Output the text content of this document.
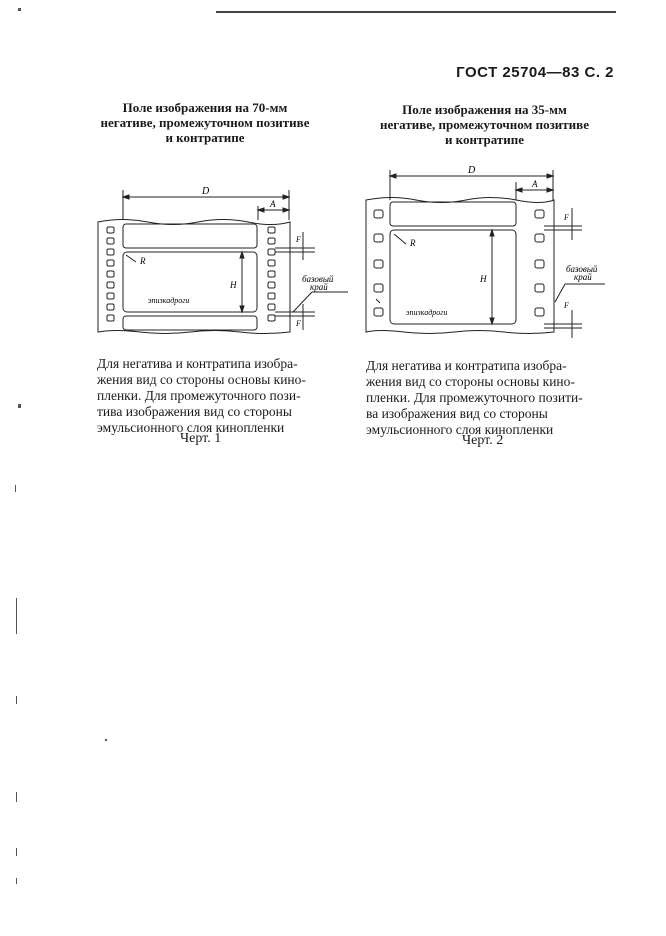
ГОСТ 25704—83 С. 2
Поле изображения на 70-мм
негативе, промежуточном позитиве
и контратипе
D
A
R
H
F
F
базовый
край
эпизкадроги
Для негатива и контратипа изобра-
жения вид со стороны основы кино-
пленки. Для промежуточного пози-
тива изображения вид со стороны
эмульсионного слоя кинопленки
Черт. 1
Поле изображения на 35-мм
негативе, промежуточном позитиве
и контратипе
D
A
R
H
F
F
базовый
край
эпизкадроги
Для негатива и контратипа изобра-
жения вид со стороны основы кино-
пленки. Для промежуточного позити-
ва изображения вид со стороны
эмульсионного слоя кинопленки
Черт. 2
